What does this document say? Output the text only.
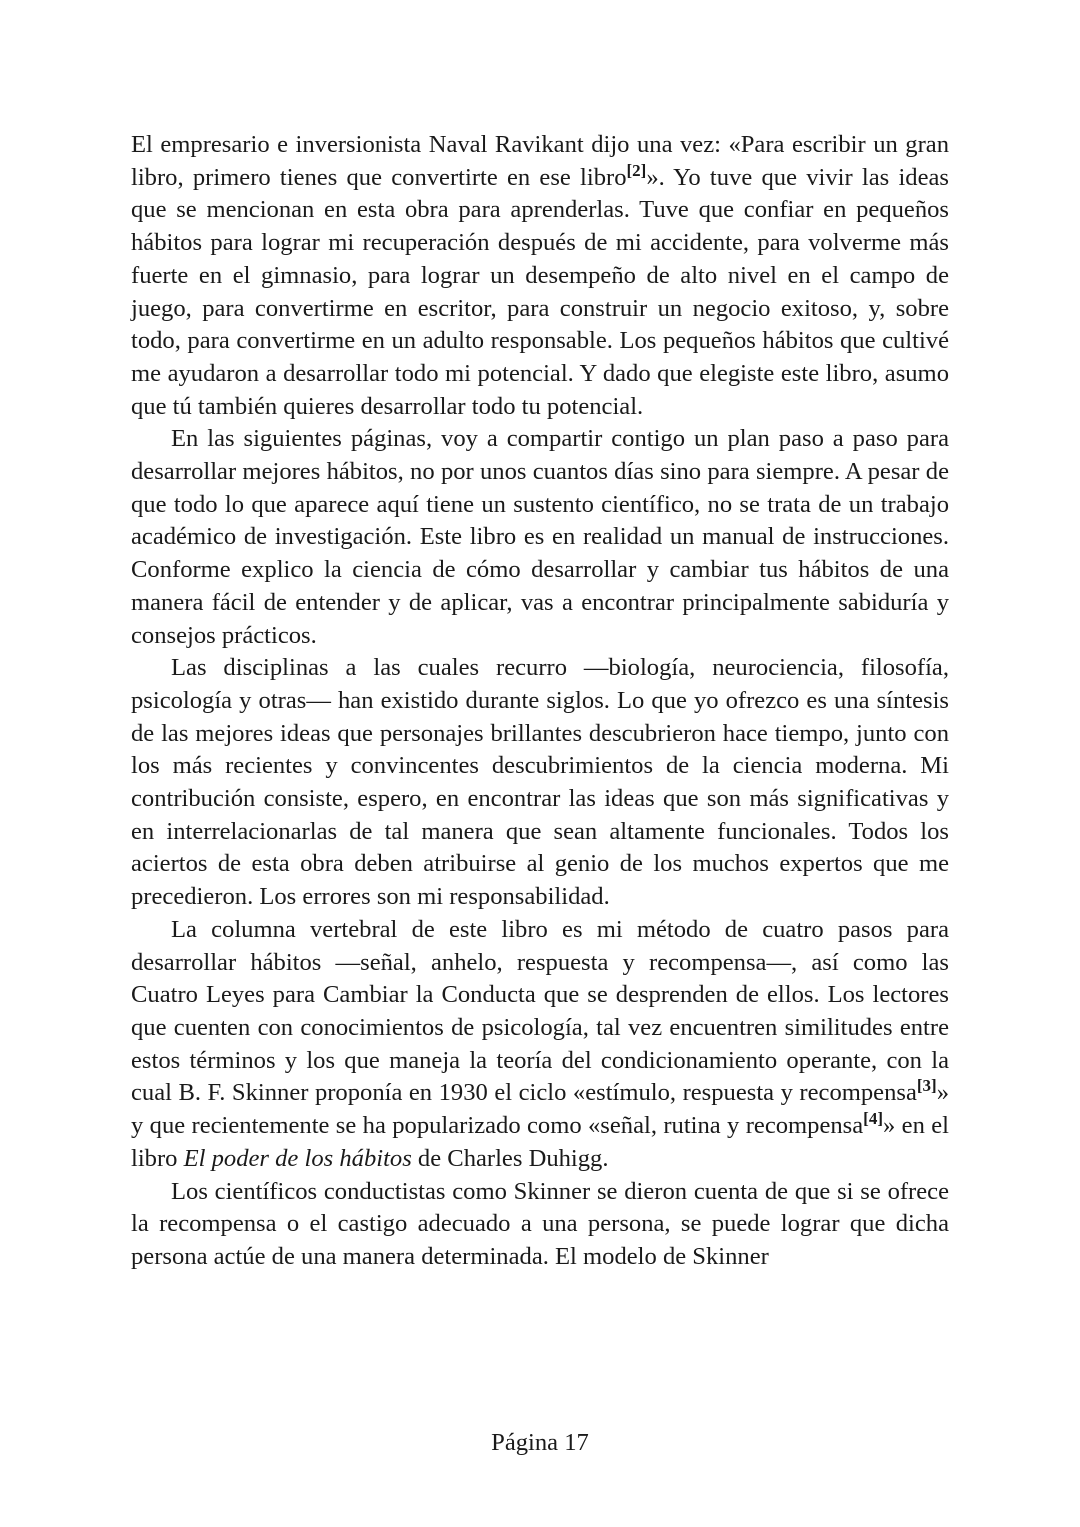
El empresario e inversionista Naval Ravikant dijo una vez: «Para escribir un gran libro, primero tienes que convertirte en ese libro[2]». Yo tuve que vivir las ideas que se mencionan en esta obra para aprenderlas. Tuve que confiar en pequeños hábitos para lograr mi recuperación después de mi accidente, para volverme más fuerte en el gimnasio, para lograr un desempeño de alto nivel en el campo de juego, para convertirme en escritor, para construir un negocio exitoso, y, sobre todo, para convertirme en un adulto responsable. Los pequeños hábitos que cultivé me ayudaron a desarrollar todo mi potencial. Y dado que elegiste este libro, asumo que tú también quieres desarrollar todo tu potencial.

En las siguientes páginas, voy a compartir contigo un plan paso a paso para desarrollar mejores hábitos, no por unos cuantos días sino para siempre. A pesar de que todo lo que aparece aquí tiene un sustento científico, no se trata de un trabajo académico de investigación. Este libro es en realidad un manual de instrucciones. Conforme explico la ciencia de cómo desarrollar y cambiar tus hábitos de una manera fácil de entender y de aplicar, vas a encontrar principalmente sabiduría y consejos prácticos.

Las disciplinas a las cuales recurro —biología, neurociencia, filosofía, psicología y otras— han existido durante siglos. Lo que yo ofrezco es una síntesis de las mejores ideas que personajes brillantes descubrieron hace tiempo, junto con los más recientes y convincentes descubrimientos de la ciencia moderna. Mi contribución consiste, espero, en encontrar las ideas que son más significativas y en interrelacionarlas de tal manera que sean altamente funcionales. Todos los aciertos de esta obra deben atribuirse al genio de los muchos expertos que me precedieron. Los errores son mi responsabilidad.

La columna vertebral de este libro es mi método de cuatro pasos para desarrollar hábitos —señal, anhelo, respuesta y recompensa—, así como las Cuatro Leyes para Cambiar la Conducta que se desprenden de ellos. Los lectores que cuenten con conocimientos de psicología, tal vez encuentren similitudes entre estos términos y los que maneja la teoría del condicionamiento operante, con la cual B. F. Skinner proponía en 1930 el ciclo «estímulo, respuesta y recompensa[3]» y que recientemente se ha popularizado como «señal, rutina y recompensa[4]» en el libro El poder de los hábitos de Charles Duhigg.

Los científicos conductistas como Skinner se dieron cuenta de que si se ofrece la recompensa o el castigo adecuado a una persona, se puede lograr que dicha persona actúe de una manera determinada. El modelo de Skinner

Página 17
